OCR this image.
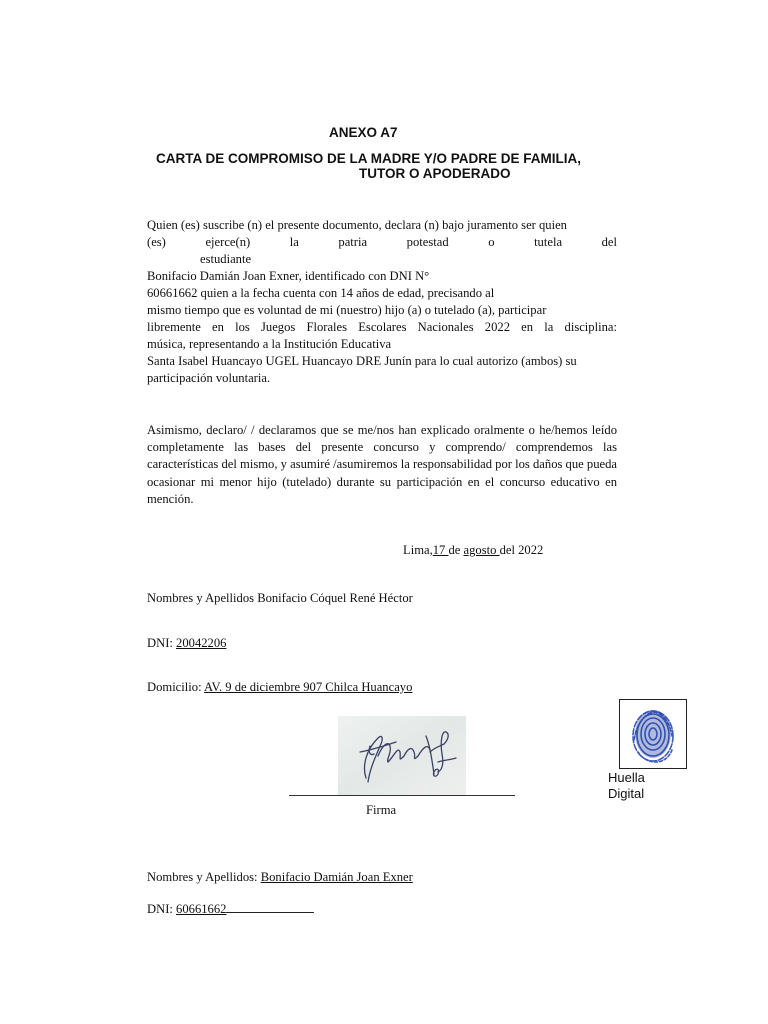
ANEXO A7
CARTA DE COMPROMISO DE LA MADRE Y/O PADRE DE FAMILIA,
TUTOR O APODERADO
Quien (es) suscribe (n) el presente documento, declara (n) bajo juramento ser quien
(es)	ejerce(n)	la	patria	potestad	o	tutela	del
estudiante
Bonifacio Damián Joan Exner, identificado con DNI N°
60661662 quien a la fecha cuenta con 14 años de edad, precisando al
mismo tiempo que es voluntad de mi (nuestro) hijo (a) o tutelado (a), participar
libremente en los Juegos Florales Escolares Nacionales 2022 en la disciplina:
música, representando a la Institución Educativa
Santa Isabel Huancayo UGEL Huancayo DRE Junín para lo cual autorizo (ambos) su
participación voluntaria.
Asimismo, declaro/ / declaramos que se me/nos han explicado oralmente o he/hemos leído completamente las bases del presente concurso y comprendo/ comprendemos las características del mismo, y asumiré /asumiremos la responsabilidad por los daños que pueda ocasionar mi menor hijo (tutelado) durante su participación en el concurso educativo en mención.
Lima,17 de agosto del 2022
Nombres y Apellidos Bonifacio Cóquel René Héctor
DNI: 20042206
Domicilio: AV. 9 de diciembre 907 Chilca Huancayo
Firma
Huella
Digital
Nombres y Apellidos: Bonifacio Damián Joan Exner
DNI: 60661662
